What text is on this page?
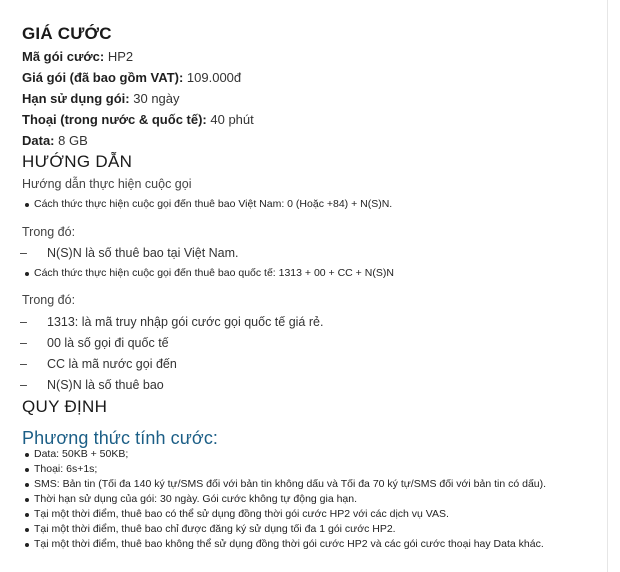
GIÁ CƯỚC
Mã gói cước: HP2
Giá gói (đã bao gồm VAT): 109.000đ
Hạn sử dụng gói: 30 ngày
Thoại (trong nước & quốc tế): 40 phút
Data: 8 GB
HƯỚNG DẪN
Hướng dẫn thực hiện cuộc gọi
Cách thức thực hiện cuộc gọi đến thuê bao Việt Nam: 0 (Hoặc +84) + N(S)N.
Trong đó:
– N(S)N là số thuê bao tại Việt Nam.
Cách thức thực hiện cuộc gọi đến thuê bao quốc tế: 1313 + 00 + CC + N(S)N
Trong đó:
– 1313: là mã truy nhập gói cước gọi quốc tế giá rẻ.
– 00 là số gọi đi quốc tế
– CC là mã nước gọi đến
– N(S)N là số thuê bao
QUY ĐỊNH
Phương thức tính cước:
Data: 50KB + 50KB;
Thoại: 6s+1s;
SMS: Bản tin (Tối đa 140 ký tự/SMS đối với bản tin không dấu và Tối đa 70 ký tự/SMS đối với bản tin có dấu).
Thời hạn sử dụng của gói: 30 ngày. Gói cước không tự động gia hạn.
Tại một thời điểm, thuê bao có thể sử dụng đồng thời gói cước HP2 với các dịch vụ VAS.
Tại một thời điểm, thuê bao chỉ được đăng ký sử dụng tối đa 1 gói cước HP2.
Tại một thời điểm, thuê bao không thể sử dụng đồng thời gói cước HP2 và các gói cước thoại hay Data khác.
